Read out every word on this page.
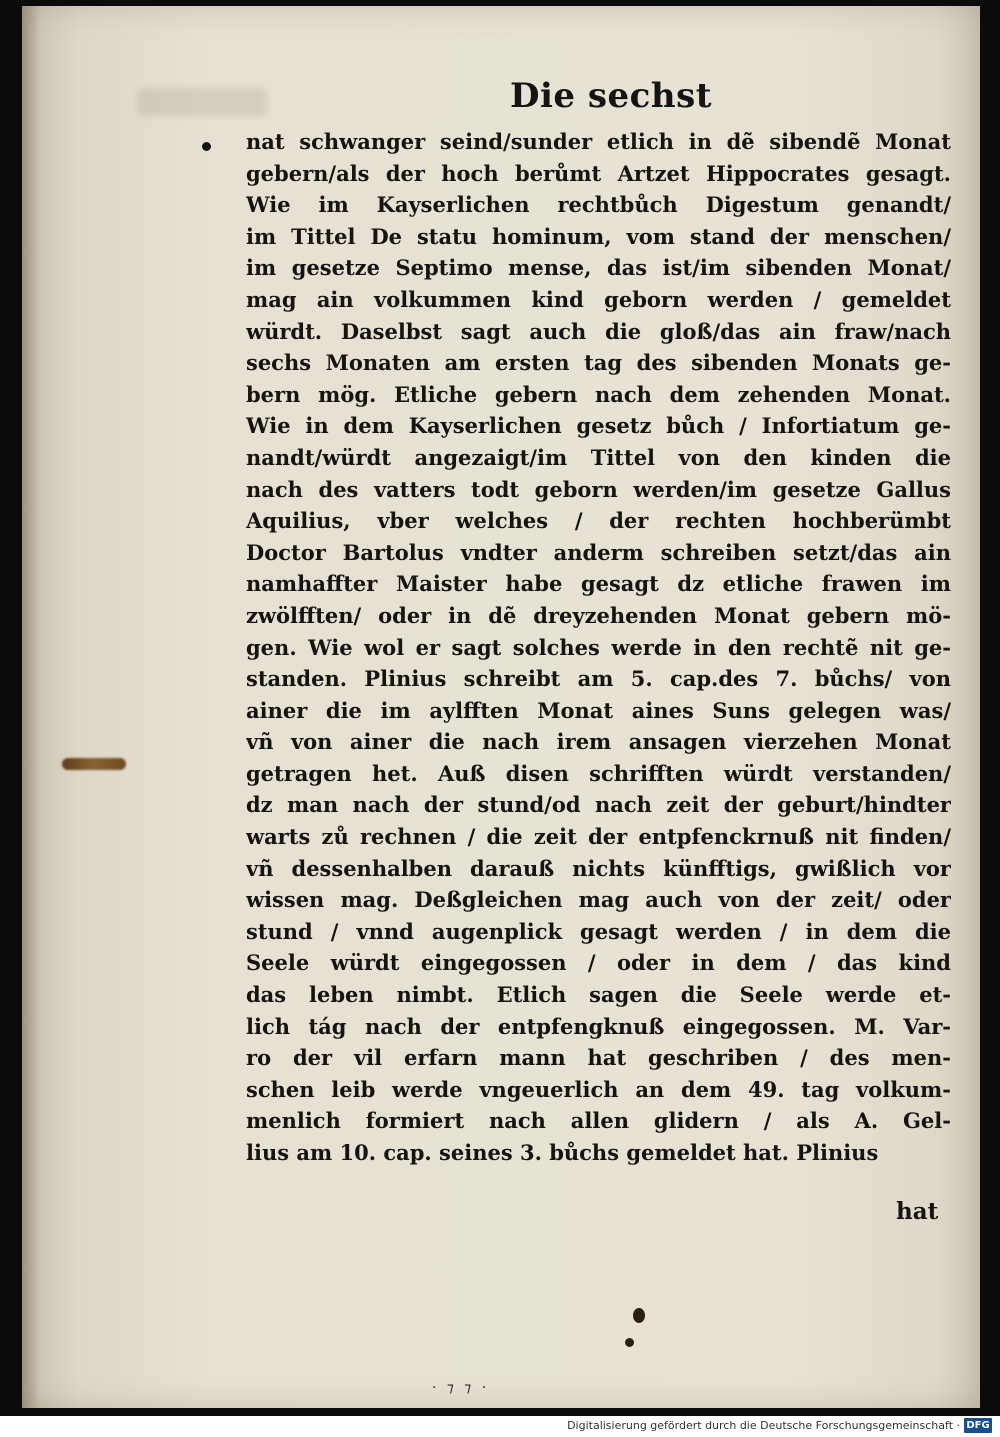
Die sechst
nat schwanger seind/sunder etlich in dẽ sibendẽ Monat
gebern/als der hoch berůmt Artzet Hippocrates gesagt.
Wie im Kayserlichen rechtbůch Digestum genandt/
im Tittel De statu hominum, vom stand der menschen/
im gesetze Septimo mense, das ist/im sibenden Monat/
mag ain volkummen kind geborn werden / gemeldet
würdt. Daselbst sagt auch die gloß/das ain fraw/nach
sechs Monaten am ersten tag des sibenden Monats ge-
bern mög. Etliche gebern nach dem zehenden Monat.
Wie in dem Kayserlichen gesetz bůch / Infortiatum ge-
nandt/würdt angezaigt/im Tittel von den kinden die
nach des vatters todt geborn werden/im gesetze Gallus
Aquilius, vber welches / der rechten hochberümbt
Doctor Bartolus vndter anderm schreiben setzt/das ain
namhaffter Maister habe gesagt dz etliche frawen im
zwölfften/ oder in dẽ dreyzehenden Monat gebern mö-
gen. Wie wol er sagt solches werde in den rechtẽ nit ge-
standen. Plinius schreibt am 5. cap.des 7. bůchs/ von
ainer die im aylfften Monat aines Suns gelegen was/
vñ von ainer die nach irem ansagen vierzehen Monat
getragen het. Auß disen schrifften würdt verstanden/
dz man nach der stund/od nach zeit der geburt/hindter
warts zů rechnen / die zeit der entpfenckrnuß nit finden/
vñ dessenhalben darauß nichts künfftigs, gwißlich vor
wissen mag. Deßgleichen mag auch von der zeit/ oder
stund / vnnd augenplick gesagt werden / in dem die
Seele würdt eingegossen / oder in dem / das kind
das leben nimbt. Etlich sagen die Seele werde et-
lich tág nach der entpfengknuß eingegossen. M. Var-
ro der vil erfarn mann hat geschriben / des men-
schen leib werde vngeuerlich an dem 49. tag volkum-
menlich formiert nach allen glidern / als A. Gel-
lius am 10. cap. seines 3. bůchs gemeldet hat. Plinius
hat
· ⁊ ⁊ ·
Digitalisierung gefördert durch die Deutsche Forschungsgemeinschaft · DFG
